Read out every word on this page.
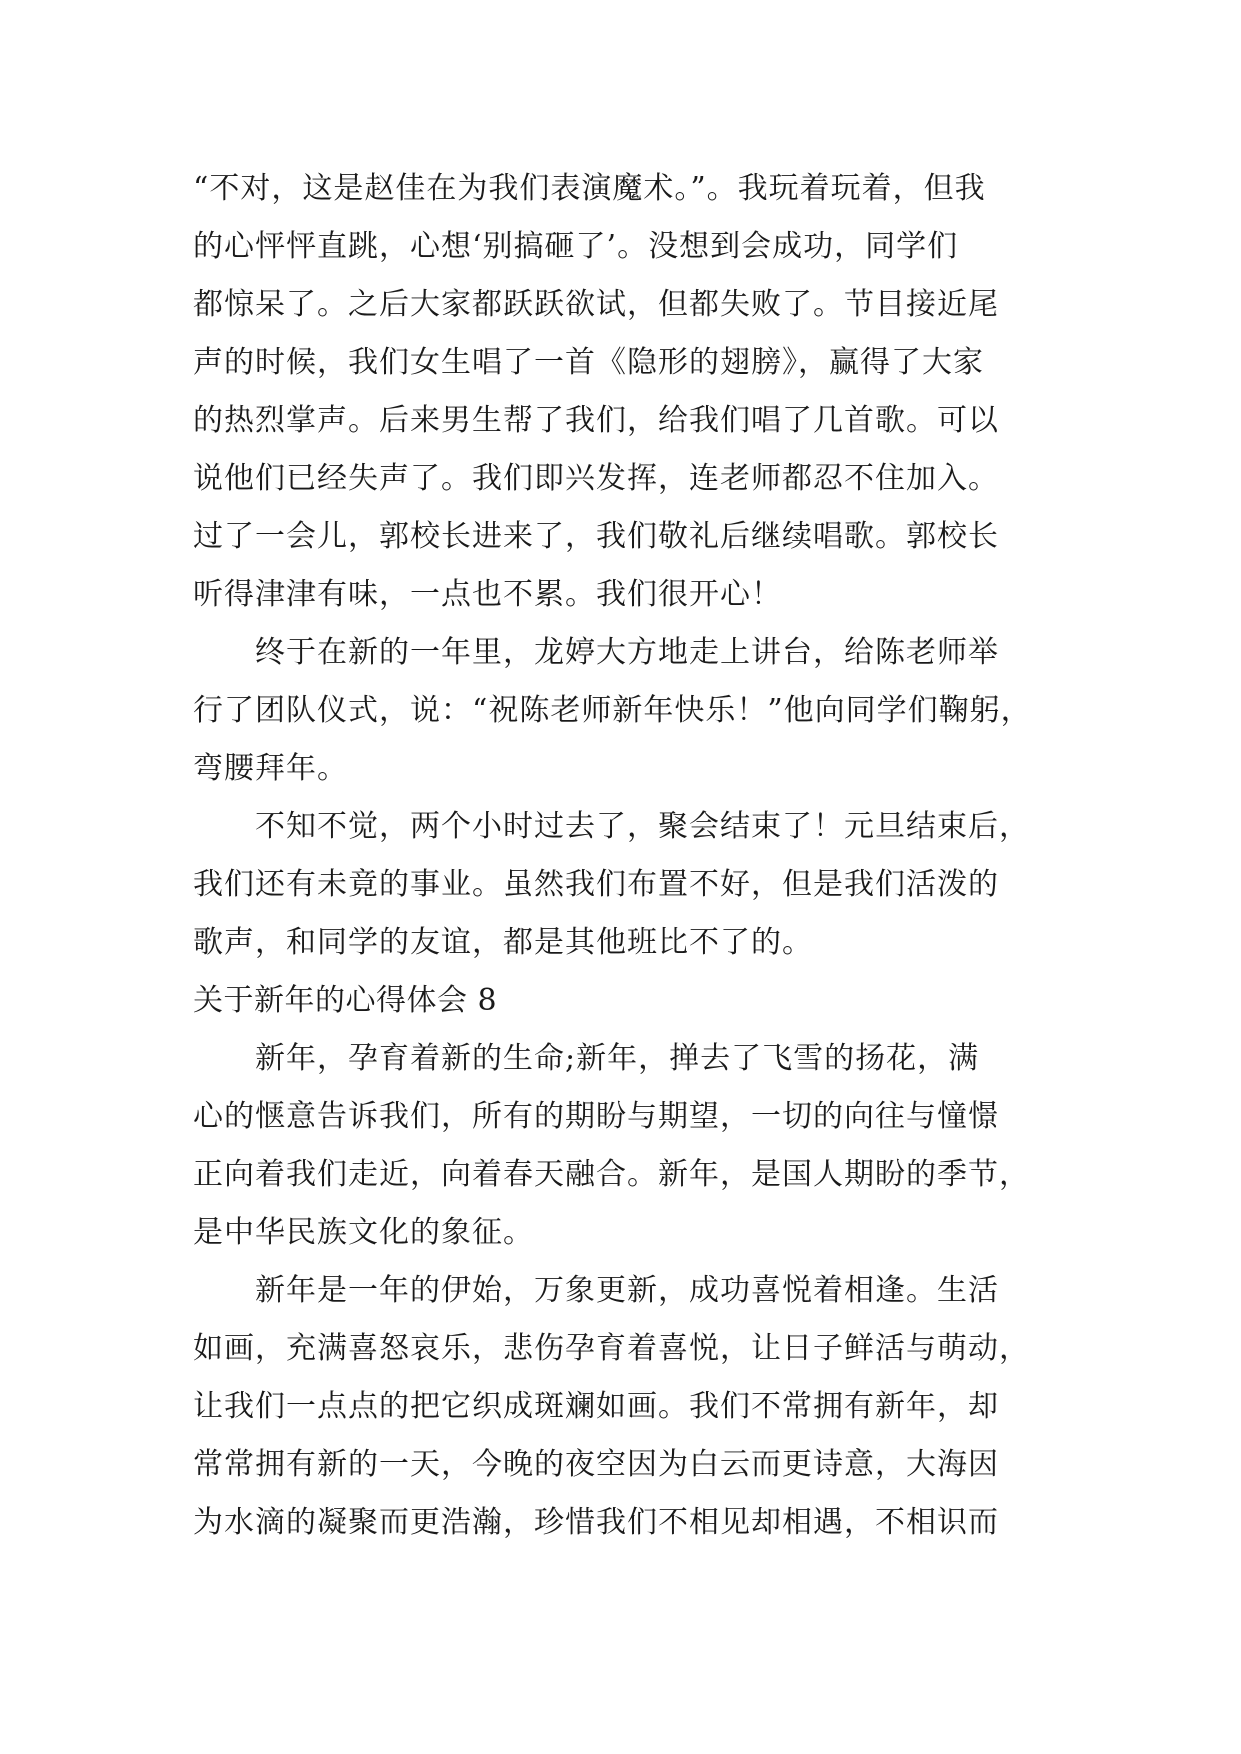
“不对，这是赵佳在为我们表演魔术。”。我玩着玩着，但我
的心怦怦直跳，心想‘别搞砸了’。没想到会成功，同学们
都惊呆了。之后大家都跃跃欲试，但都失败了。节目接近尾
声的时候，我们女生唱了一首《隐形的翅膀》，赢得了大家
的热烈掌声。后来男生帮了我们，给我们唱了几首歌。可以
说他们已经失声了。我们即兴发挥，连老师都忍不住加入。
过了一会儿，郭校长进来了，我们敬礼后继续唱歌。郭校长
听得津津有味，一点也不累。我们很开心！
终于在新的一年里，龙婷大方地走上讲台，给陈老师举
行了团队仪式，说：“祝陈老师新年快乐！”他向同学们鞠躬，
弯腰拜年。
不知不觉，两个小时过去了，聚会结束了！元旦结束后，
我们还有未竟的事业。虽然我们布置不好，但是我们活泼的
歌声，和同学的友谊，都是其他班比不了的。
关于新年的心得体会 8
新年，孕育着新的生命;新年，掸去了飞雪的扬花，满
心的惬意告诉我们，所有的期盼与期望，一切的向往与憧憬
正向着我们走近，向着春天融合。新年，是国人期盼的季节，
是中华民族文化的象征。
新年是一年的伊始，万象更新，成功喜悦着相逢。生活
如画，充满喜怒哀乐，悲伤孕育着喜悦，让日子鲜活与萌动，
让我们一点点的把它织成斑斓如画。我们不常拥有新年，却
常常拥有新的一天，今晚的夜空因为白云而更诗意，大海因
为水滴的凝聚而更浩瀚，珍惜我们不相见却相遇，不相识而
